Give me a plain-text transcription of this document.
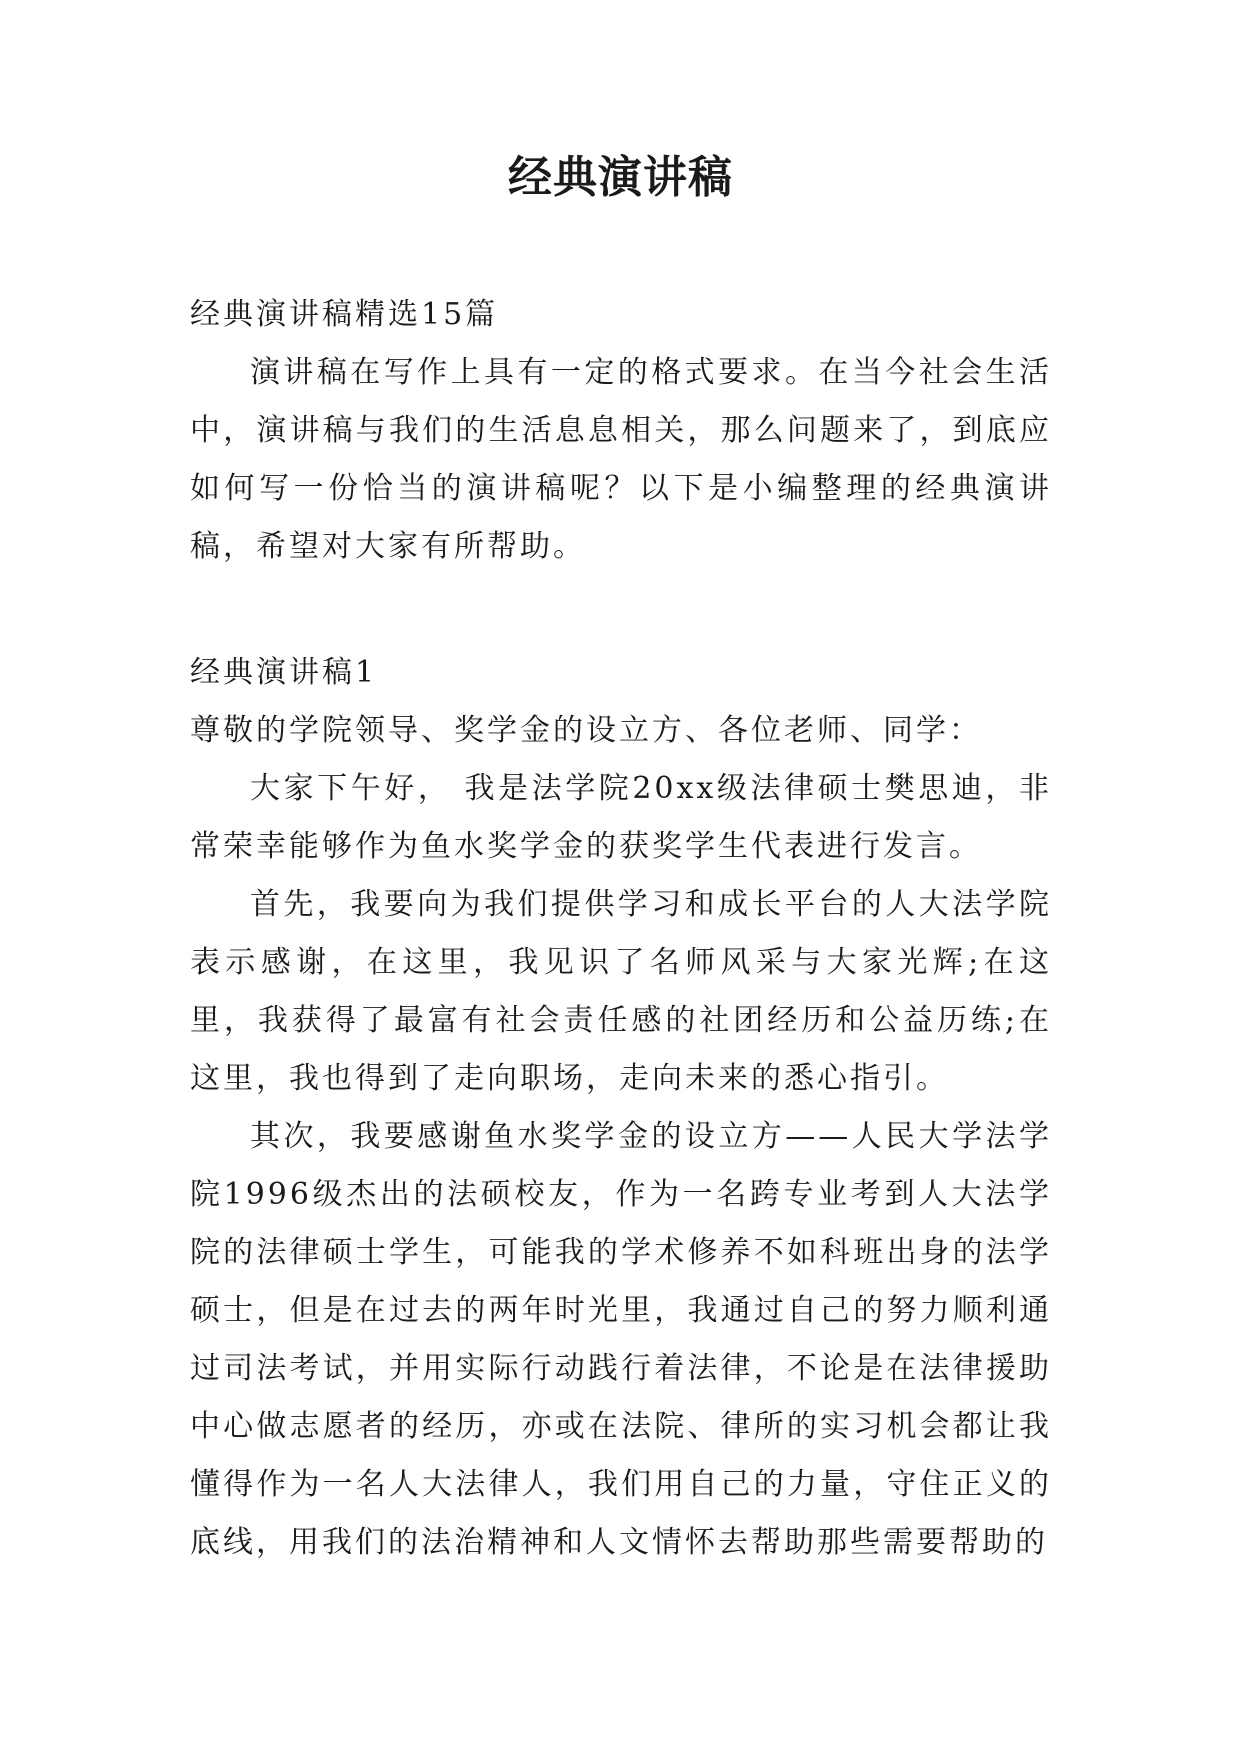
经典演讲稿

经典演讲稿精选15篇

演讲稿在写作上具有一定的格式要求。在当今社会生活中，演讲稿与我们的生活息息相关，那么问题来了，到底应如何写一份恰当的演讲稿呢？以下是小编整理的经典演讲稿，希望对大家有所帮助。

经典演讲稿1

尊敬的学院领导、奖学金的设立方、各位老师、同学：

大家下午好， 我是法学院20xx级法律硕士樊思迪，非常荣幸能够作为鱼水奖学金的获奖学生代表进行发言。

首先，我要向为我们提供学习和成长平台的人大法学院表示感谢，在这里，我见识了名师风采与大家光辉;在这里，我获得了最富有社会责任感的社团经历和公益历练;在这里，我也得到了走向职场，走向未来的悉心指引。

其次，我要感谢鱼水奖学金的设立方——人民大学法学院1996级杰出的法硕校友，作为一名跨专业考到人大法学院的法律硕士学生，可能我的学术修养不如科班出身的法学硕士，但是在过去的两年时光里，我通过自己的努力顺利通过司法考试，并用实际行动践行着法律，不论是在法律援助中心做志愿者的经历，亦或在法院、律所的实习机会都让我懂得作为一名人大法律人，我们用自己的力量，守住正义的底线，用我们的法治精神和人文情怀去帮助那些需要帮助的
